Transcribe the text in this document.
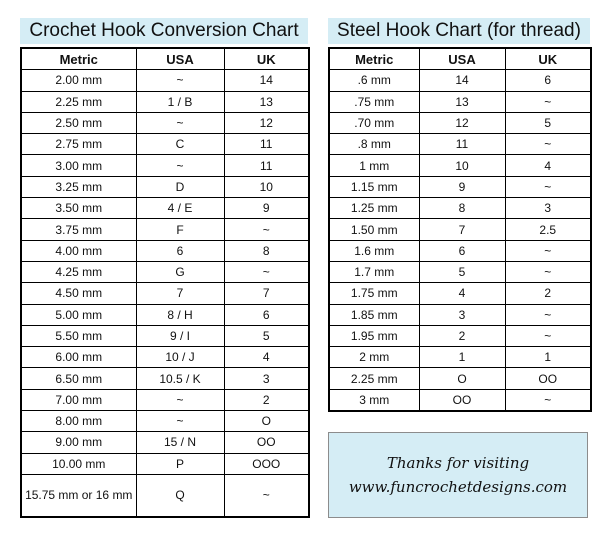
Crochet Hook Conversion Chart
Metric	USA	UK
2.00 mm	~	14
2.25 mm	1 / B	13
2.50 mm	~	12
2.75 mm	C	11
3.00 mm	~	11
3.25 mm	D	10
3.50 mm	4 / E	9
3.75 mm	F	~
4.00 mm	6	8
4.25 mm	G	~
4.50 mm	7	7
5.00 mm	8 / H	6
5.50 mm	9 / I	5
6.00 mm	10 / J	4
6.50 mm	10.5 / K	3
7.00 mm	~	2
8.00 mm	~	O
9.00 mm	15 / N	OO
10.00 mm	P	OOO
15.75 mm or 16 mm	Q	~
Steel Hook Chart (for thread)
Metric	USA	UK
.6 mm	14	6
.75 mm	13	~
.70 mm	12	5
.8 mm	11	~
1 mm	10	4
1.15 mm	9	~
1.25 mm	8	3
1.50 mm	7	2.5
1.6 mm	6	~
1.7 mm	5	~
1.75 mm	4	2
1.85 mm	3	~
1.95 mm	2	~
2 mm	1	1
2.25 mm	O	OO
3 mm	OO	~
Thanks for visiting
www.funcrochetdesigns.com
